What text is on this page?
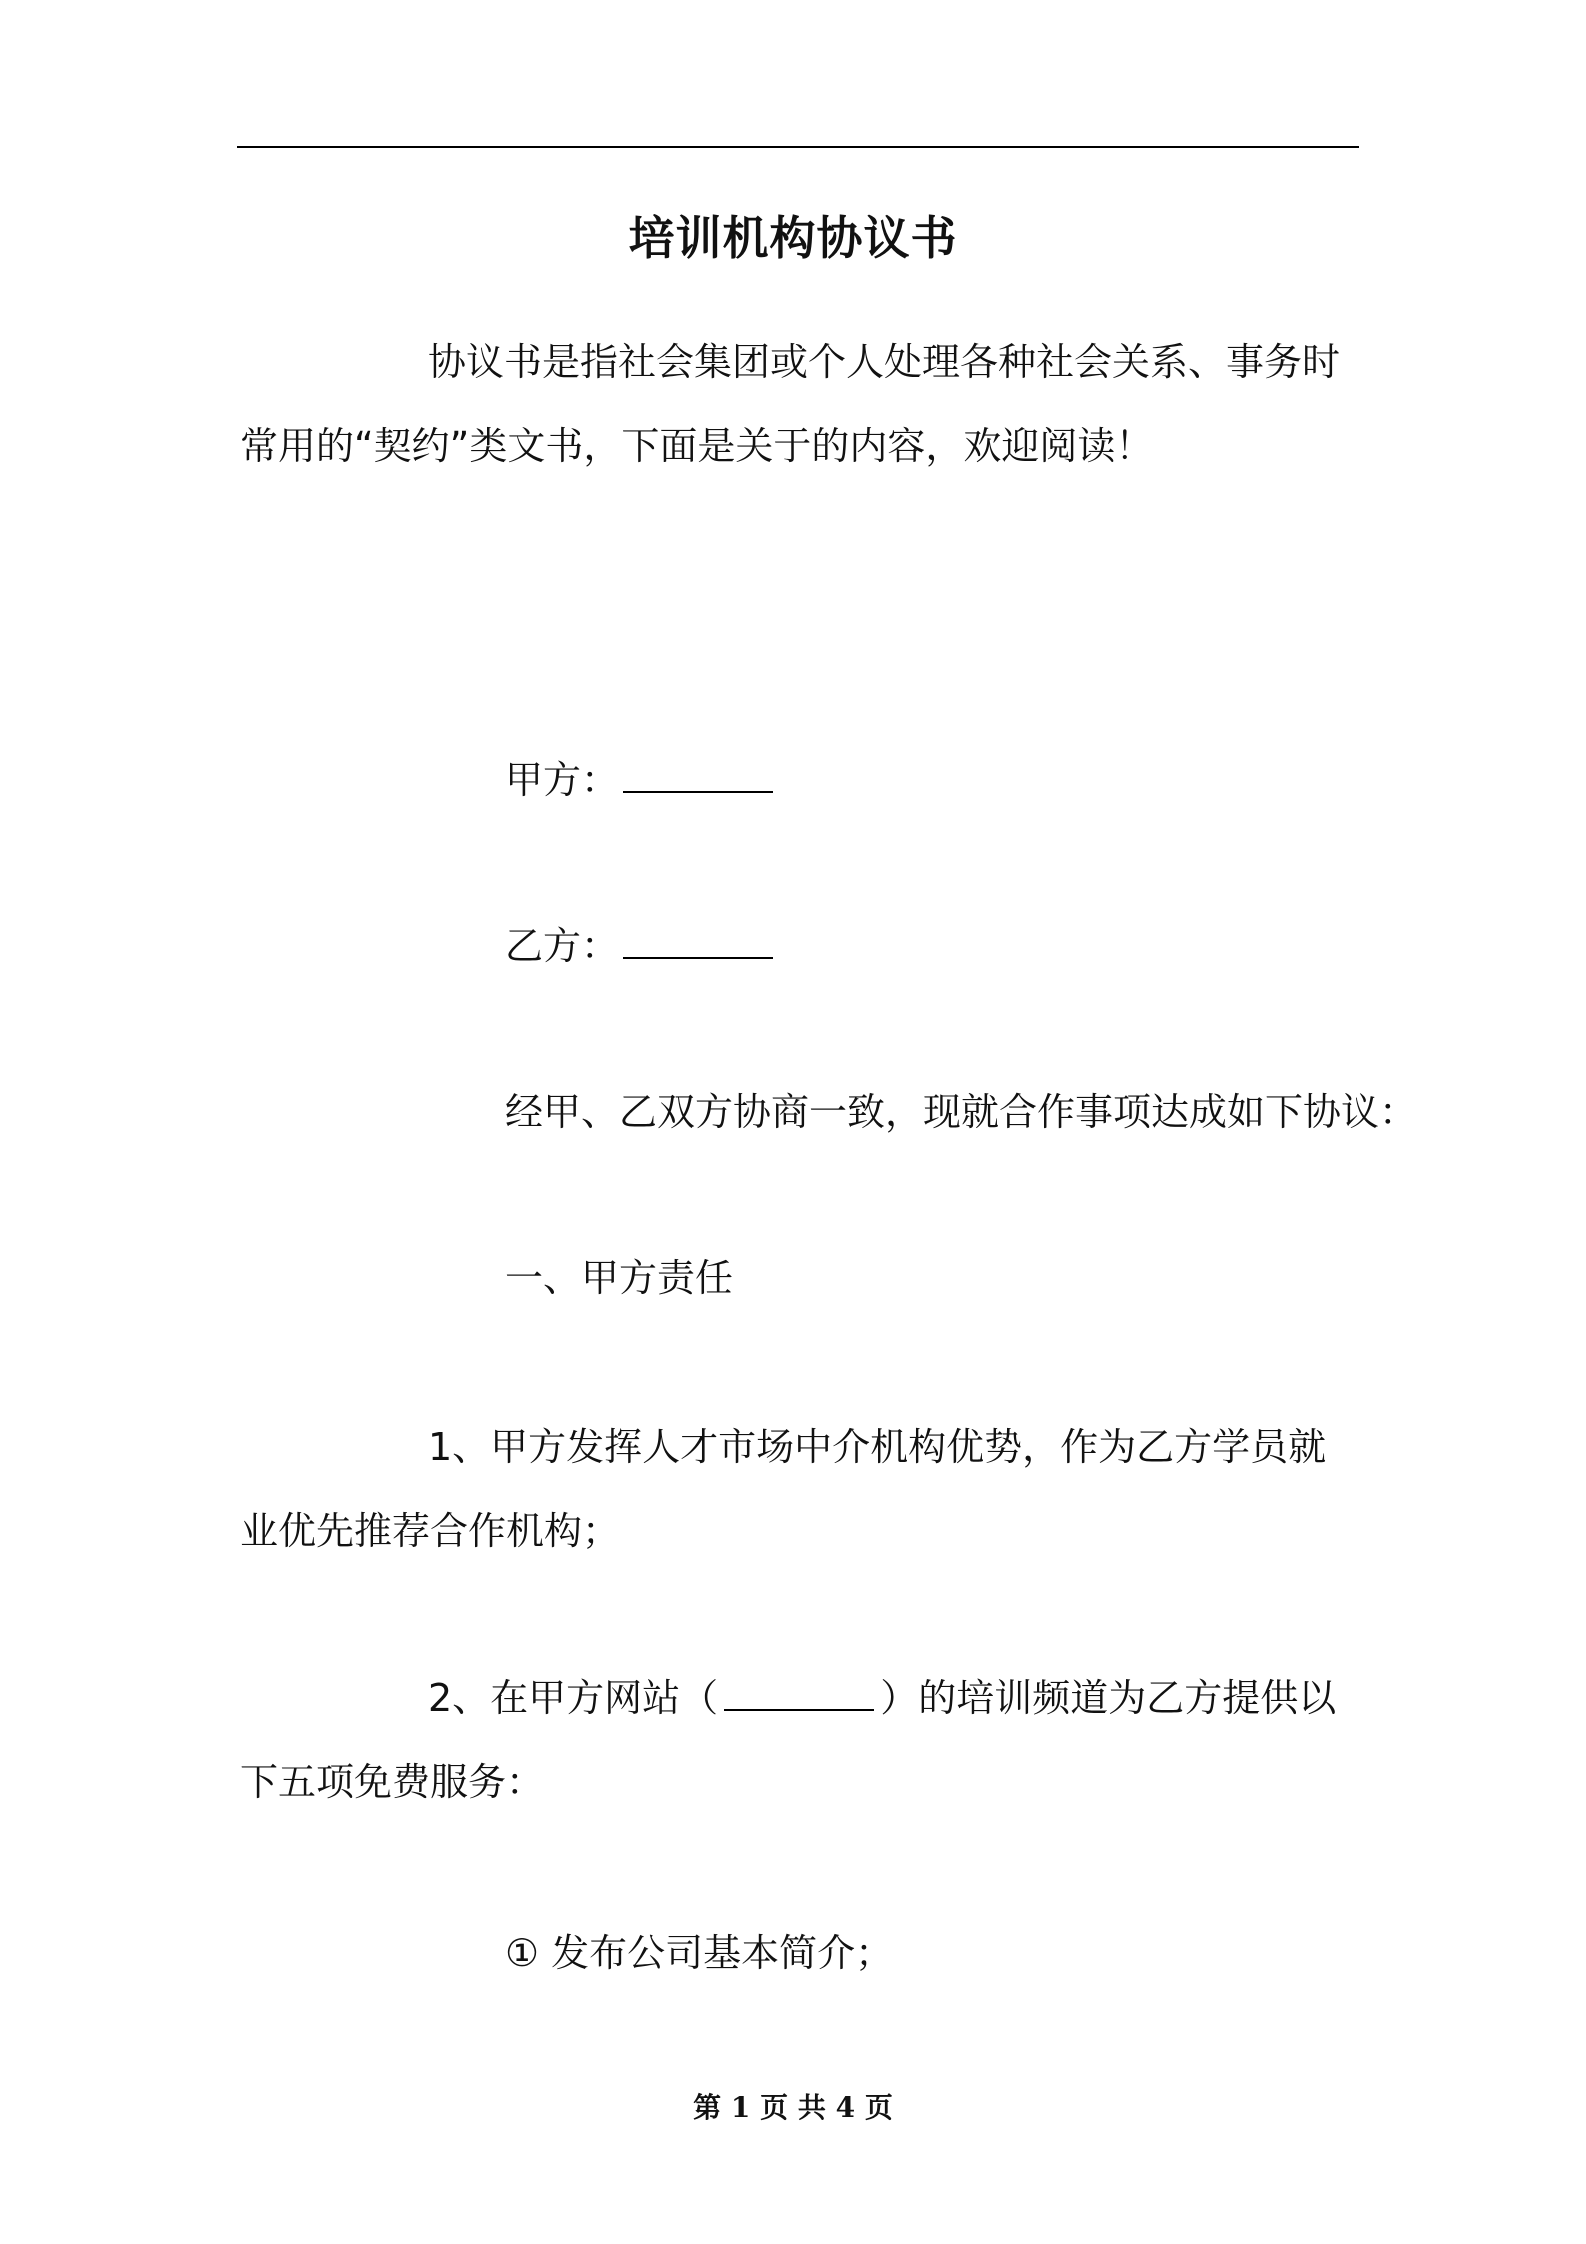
培训机构协议书

协议书是指社会集团或个人处理各种社会关系、事务时常用的“契约”类文书，下面是关于的内容，欢迎阅读！

甲方：

乙方：

经甲、乙双方协商一致，现就合作事项达成如下协议：

一、甲方责任

1、甲方发挥人才市场中介机构优势，作为乙方学员就业优先推荐合作机构；

2、在甲方网站（	）的培训频道为乙方提供以下五项免费服务：

① 发布公司基本简介；

第 1 页 共 4 页
